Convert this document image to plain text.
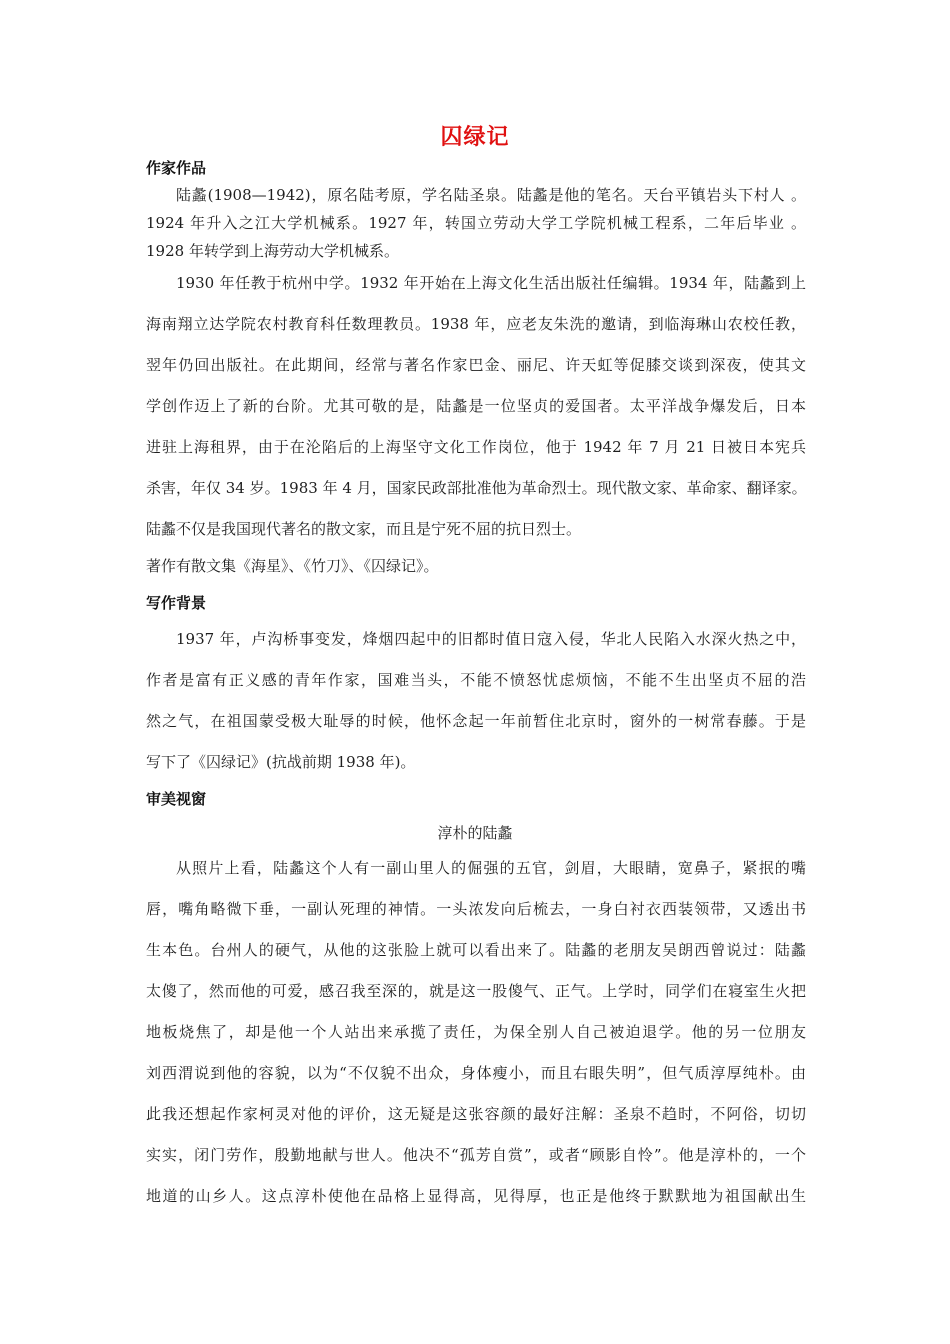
囚绿记
作家作品
陆蠡(1908—1942)，原名陆考原，学名陆圣泉。陆蠡是他的笔名。天台平镇岩头下村人 。
1924 年升入之江大学机械系。1927 年，转国立劳动大学工学院机械工程系，二年后毕业 。
1928 年转学到上海劳动大学机械系。
1930 年任教于杭州中学。1932 年开始在上海文化生活出版社任编辑。1934 年，陆蠡到上
海南翔立达学院农村教育科任数理教员。1938 年，应老友朱洗的邀请，到临海琳山农校任教，
翌年仍回出版社。在此期间，经常与著名作家巴金、丽尼、许天虹等促膝交谈到深夜，使其文
学创作迈上了新的台阶。尤其可敬的是，陆蠡是一位坚贞的爱国者。太平洋战争爆发后，日本
进驻上海租界，由于在沦陷后的上海坚守文化工作岗位，他于 1942 年 7 月 21 日被日本宪兵
杀害，年仅 34 岁。1983 年 4 月，国家民政部批准他为革命烈士。现代散文家、革命家、翻译家。
陆蠡不仅是我国现代著名的散文家，而且是宁死不屈的抗日烈士。
著作有散文集《海星》、《竹刀》、《囚绿记》。
写作背景
1937 年，卢沟桥事变发，烽烟四起中的旧都时值日寇入侵，华北人民陷入水深火热之中，
作者是富有正义感的青年作家，国难当头，不能不愤怒忧虑烦恼，不能不生出坚贞不屈的浩
然之气，在祖国蒙受极大耻辱的时候，他怀念起一年前暂住北京时，窗外的一树常春藤。于是
写下了《囚绿记》(抗战前期 1938 年)。
审美视窗
淳朴的陆蠡
从照片上看，陆蠡这个人有一副山里人的倔强的五官，剑眉，大眼睛，宽鼻子，紧抿的嘴
唇，嘴角略微下垂，一副认死理的神情。一头浓发向后梳去，一身白衬衣西装领带，又透出书
生本色。台州人的硬气，从他的这张脸上就可以看出来了。陆蠡的老朋友吴朗西曾说过：陆蠡
太傻了，然而他的可爱，感召我至深的，就是这一股傻气、正气。上学时，同学们在寝室生火把
地板烧焦了，却是他一个人站出来承揽了责任，为保全别人自己被迫退学。他的另一位朋友
刘西渭说到他的容貌，以为“不仅貌不出众，身体瘦小，而且右眼失明”，但气质淳厚纯朴。由
此我还想起作家柯灵对他的评价，这无疑是这张容颜的最好注解：圣泉不趋时，不阿俗，切切
实实，闭门劳作，殷勤地献与世人。他决不“孤芳自赏”，或者“顾影自怜”。他是淳朴的，一个
地道的山乡人。这点淳朴使他在品格上显得高，见得厚，也正是他终于默默地为祖国献出生
